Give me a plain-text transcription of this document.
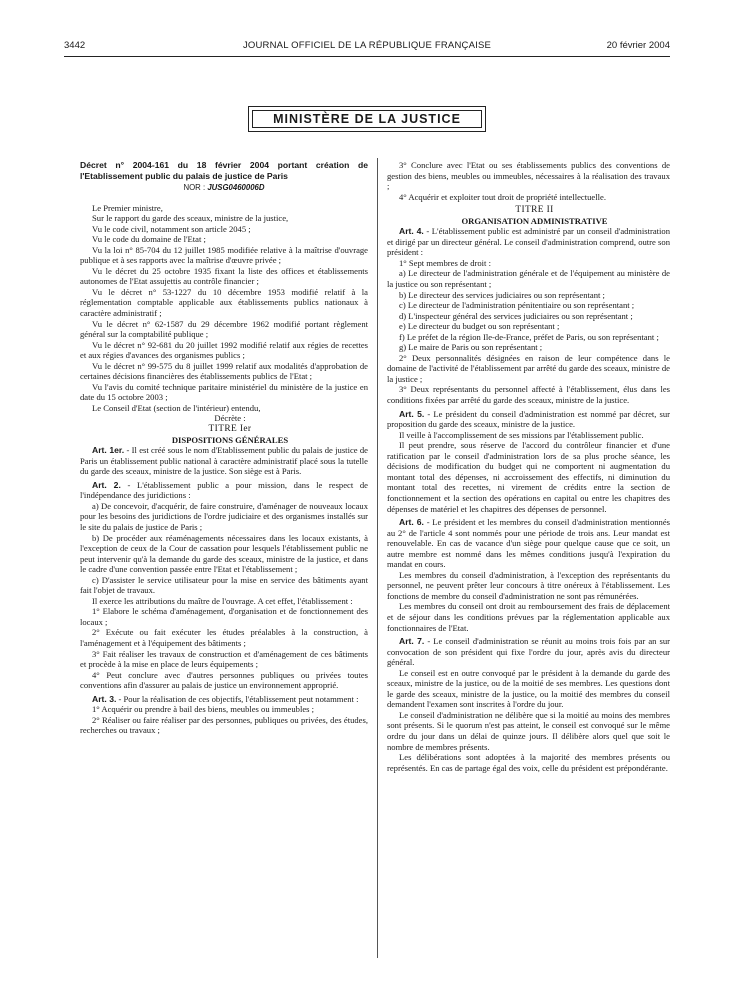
3442	JOURNAL OFFICIEL DE LA RÉPUBLIQUE FRANÇAISE	20 février 2004
MINISTÈRE DE LA JUSTICE

Décret n° 2004-161 du 18 février 2004 portant création de l'Etablissement public du palais de justice de Paris

NOR : JUSG0460006D

Le Premier ministre,

Sur le rapport du garde des sceaux, ministre de la justice,

Vu le code civil, notamment son article 2045 ;

Vu le code du domaine de l'Etat ;

Vu la loi n° 85-704 du 12 juillet 1985 modifiée relative à la maîtrise d'ouvrage publique et à ses rapports avec la maîtrise d'œuvre privée ;

Vu le décret du 25 octobre 1935 fixant la liste des offices et établissements autonomes de l'Etat assujettis au contrôle financier ;

Vu le décret n° 53-1227 du 10 décembre 1953 modifié relatif à la réglementation comptable applicable aux établissements publics nationaux à caractère administratif ;

Vu le décret n° 62-1587 du 29 décembre 1962 modifié portant règlement général sur la comptabilité publique ;

Vu le décret n° 92-681 du 20 juillet 1992 modifié relatif aux régies de recettes et aux régies d'avances des organismes publics ;

Vu le décret n° 99-575 du 8 juillet 1999 relatif aux modalités d'approbation de certaines décisions financières des établissements publics de l'Etat ;

Vu l'avis du comité technique paritaire ministériel du ministère de la justice en date du 15 octobre 2003 ;

Le Conseil d'Etat (section de l'intérieur) entendu,

Décrète :

TITRE Ier

DISPOSITIONS GÉNÉRALES

Art. 1er. - Il est créé sous le nom d'Etablissement public du palais de justice de Paris un établissement public national à caractère administratif placé sous la tutelle du garde des sceaux, ministre de la justice. Son siège est à Paris.

Art. 2. - L'établissement public a pour mission, dans le respect de l'indépendance des juridictions :

a) De concevoir, d'acquérir, de faire construire, d'aménager de nouveaux locaux pour les besoins des juridictions de l'ordre judiciaire et des organismes installés sur le site du palais de justice de Paris ;

b) De procéder aux réaménagements nécessaires dans les locaux existants, à l'exception de ceux de la Cour de cassation pour lesquels l'établissement public ne peut intervenir qu'à la demande du garde des sceaux, ministre de la justice, et dans le cadre d'une convention passée entre l'Etat et l'établissement ;

c) D'assister le service utilisateur pour la mise en service des bâtiments ayant fait l'objet de travaux.

Il exerce les attributions du maître de l'ouvrage. A cet effet, l'établissement :

1° Elabore le schéma d'aménagement, d'organisation et de fonctionnement des locaux ;

2° Exécute ou fait exécuter les études préalables à la construction, à l'aménagement et à l'équipement des bâtiments ;

3° Fait réaliser les travaux de construction et d'aménagement de ces bâtiments et procède à la mise en place de leurs équipements ;

4° Peut conclure avec d'autres personnes publiques ou privées toutes conventions afin d'assurer au palais de justice un environnement approprié.

Art. 3. - Pour la réalisation de ces objectifs, l'établissement peut notamment :

1° Acquérir ou prendre à bail des biens, meubles ou immeubles ;

2° Réaliser ou faire réaliser par des personnes, publiques ou privées, des études, recherches ou travaux ;

3° Conclure avec l'Etat ou ses établissements publics des conventions de gestion des biens, meubles ou immeubles, nécessaires à la réalisation des travaux ;

4° Acquérir et exploiter tout droit de propriété intellectuelle.

TITRE II

ORGANISATION ADMINISTRATIVE

Art. 4. - L'établissement public est administré par un conseil d'administration et dirigé par un directeur général. Le conseil d'administration comprend, outre son président :

1° Sept membres de droit :

a) Le directeur de l'administration générale et de l'équipement au ministère de la justice ou son représentant ;

b) Le directeur des services judiciaires ou son représentant ;

c) Le directeur de l'administration pénitentiaire ou son représentant ;

d) L'inspecteur général des services judiciaires ou son représentant ;

e) Le directeur du budget ou son représentant ;

f) Le préfet de la région Ile-de-France, préfet de Paris, ou son représentant ;

g) Le maire de Paris ou son représentant ;

2° Deux personnalités désignées en raison de leur compétence dans le domaine de l'activité de l'établissement par arrêté du garde des sceaux, ministre de la justice ;

3° Deux représentants du personnel affecté à l'établissement, élus dans les conditions fixées par arrêté du garde des sceaux, ministre de la justice.

Art. 5. - Le président du conseil d'administration est nommé par décret, sur proposition du garde des sceaux, ministre de la justice.

Il veille à l'accomplissement de ses missions par l'établissement public.

Il peut prendre, sous réserve de l'accord du contrôleur financier et d'une ratification par le conseil d'administration lors de sa plus proche séance, les décisions de modification du budget qui ne comportent ni augmentation du montant total des dépenses, ni accroissement des effectifs, ni diminution du montant total des recettes, ni virement de crédits entre la section de fonctionnement et la section des opérations en capital ou entre les chapitres des dépenses de matériel et les chapitres des dépenses de personnel.

Art. 6. - Le président et les membres du conseil d'administration mentionnés au 2° de l'article 4 sont nommés pour une période de trois ans. Leur mandat est renouvelable. En cas de vacance d'un siège pour quelque cause que ce soit, un autre membre est nommé dans les mêmes conditions jusqu'à l'expiration du mandat en cours.

Les membres du conseil d'administration, à l'exception des représentants du personnel, ne peuvent prêter leur concours à titre onéreux à l'établissement. Les fonctions de membre du conseil d'administration ne sont pas rémunérées.

Les membres du conseil ont droit au remboursement des frais de déplacement et de séjour dans les conditions prévues par la réglementation applicable aux fonctionnaires de l'Etat.

Art. 7. - Le conseil d'administration se réunit au moins trois fois par an sur convocation de son président qui fixe l'ordre du jour, après avis du directeur général.

Le conseil est en outre convoqué par le président à la demande du garde des sceaux, ministre de la justice, ou de la moitié de ses membres. Les questions dont le garde des sceaux, ministre de la justice, ou la moitié des membres du conseil demandent l'examen sont inscrites à l'ordre du jour.

Le conseil d'administration ne délibère que si la moitié au moins des membres sont présents. Si le quorum n'est pas atteint, le conseil est convoqué sur le même ordre du jour dans un délai de quinze jours. Il délibère alors quel que soit le nombre de membres présents.

Les délibérations sont adoptées à la majorité des membres présents ou représentés. En cas de partage égal des voix, celle du président est prépondérante.
